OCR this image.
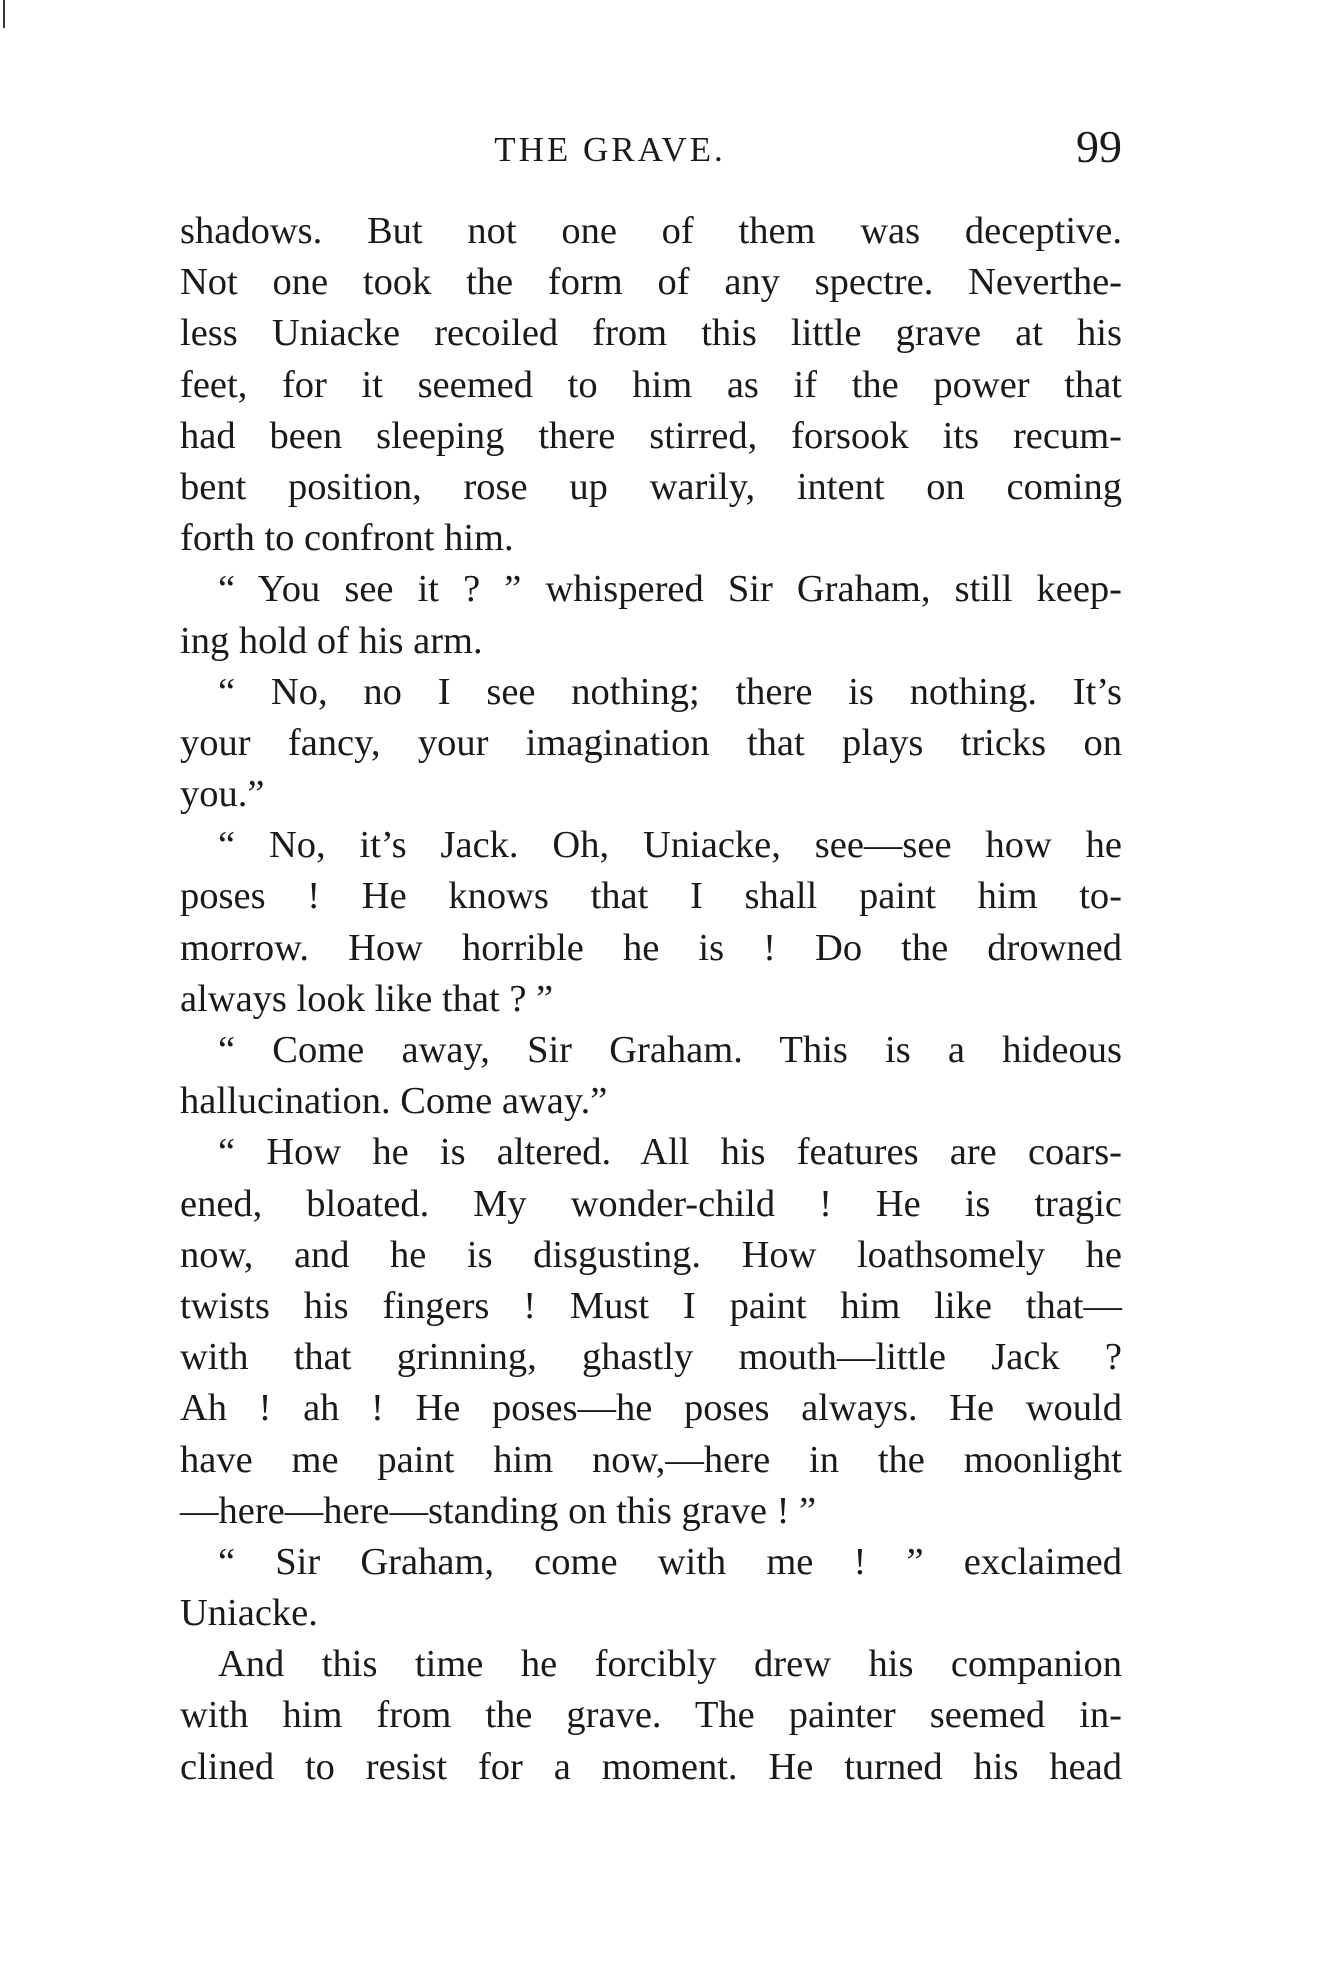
THE GRAVE.	99
shadows. But not one of them was deceptive.
Not one took the form of any spectre. Neverthe-
less Uniacke recoiled from this little grave at his
feet, for it seemed to him as if the power that
had been sleeping there stirred, forsook its recum-
bent position, rose up warily, intent on coming
forth to confront him.
“ You see it ? ” whispered Sir Graham, still keep-
ing hold of his arm.
“ No, no I see nothing; there is nothing. It’s
your fancy, your imagination that plays tricks on
you.”
“ No, it’s Jack. Oh, Uniacke, see—see how he
poses ! He knows that I shall paint him to-
morrow. How horrible he is ! Do the drowned
always look like that ? ”
“ Come away, Sir Graham. This is a hideous
hallucination. Come away.”
“ How he is altered. All his features are coars-
ened, bloated. My wonder-child ! He is tragic
now, and he is disgusting. How loathsomely he
twists his fingers ! Must I paint him like that—
with that grinning, ghastly mouth—little Jack ?
Ah ! ah ! He poses—he poses always. He would
have me paint him now,—here in the moonlight
—here—here—standing on this grave ! ”
“ Sir Graham, come with me ! ” exclaimed
Uniacke.
And this time he forcibly drew his companion
with him from the grave. The painter seemed in-
clined to resist for a moment. He turned his head
